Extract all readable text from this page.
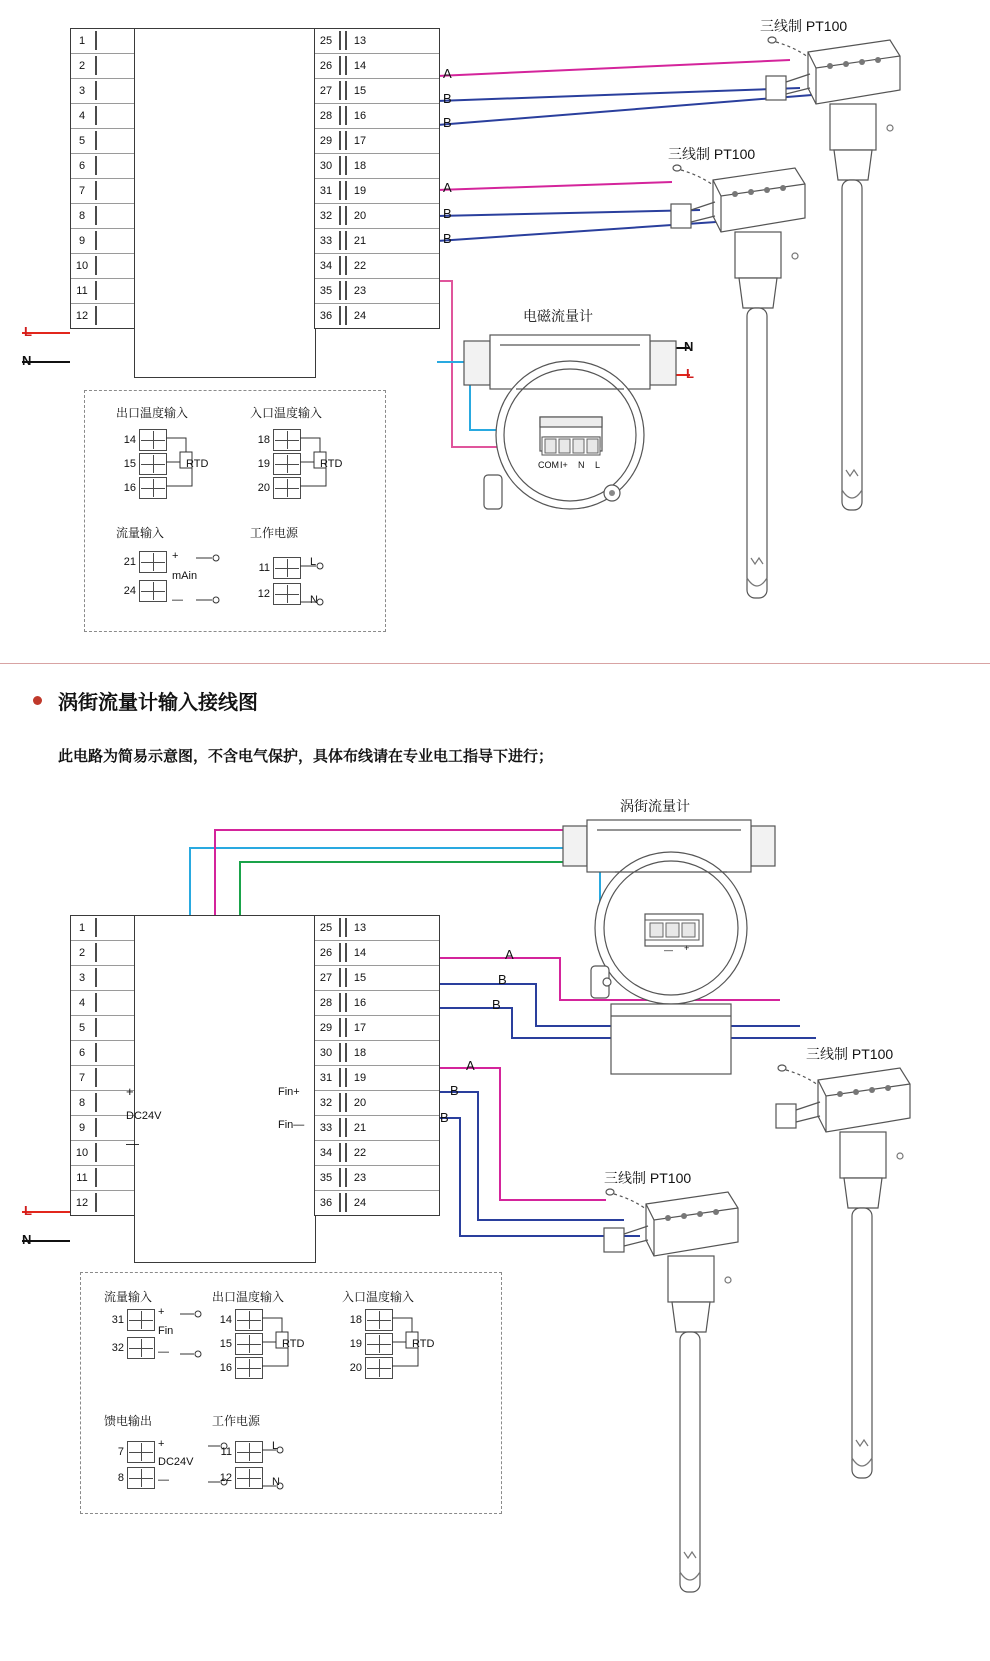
1
2
3
4
5
6
7
8
9
10
11
12
25	13
26	14
27	15
28	16
29	17
30	18
31	19
32	20
33	21
34	22
35	23
36	24
L
N
A
B
B
A
B
B
三线制 PT100
三线制 PT100
电磁流量计
COM I+ N L
N
L
出口温度输入
14
15
16
RTD
入口温度输入
18
19
20
RTD
流量输入
21
24
+
—
mAin
工作电源
11
12
L
N
涡街流量计输入接线图
此电路为简易示意图，不含电气保护，具体布线请在专业电工指导下进行；
1
2
3
4
5
6
7
8
9
10
11
12
25	13
26	14
27	15
28	16
29	17
30	18
31	19
32	20
33	21
34	22
35	23
36	24
L
N
+
DC24V
—
Fin+
Fin—
A
B
B
A
B
B
涡街流量计
— +
三线制 PT100
三线制 PT100
流量输入
31
32
+
Fin
—
出口温度输入
14
15
16
RTD
入口温度输入
18
19
20
RTD
馈电输出
7
8
+
DC24V
—
工作电源
11
12
L
N
